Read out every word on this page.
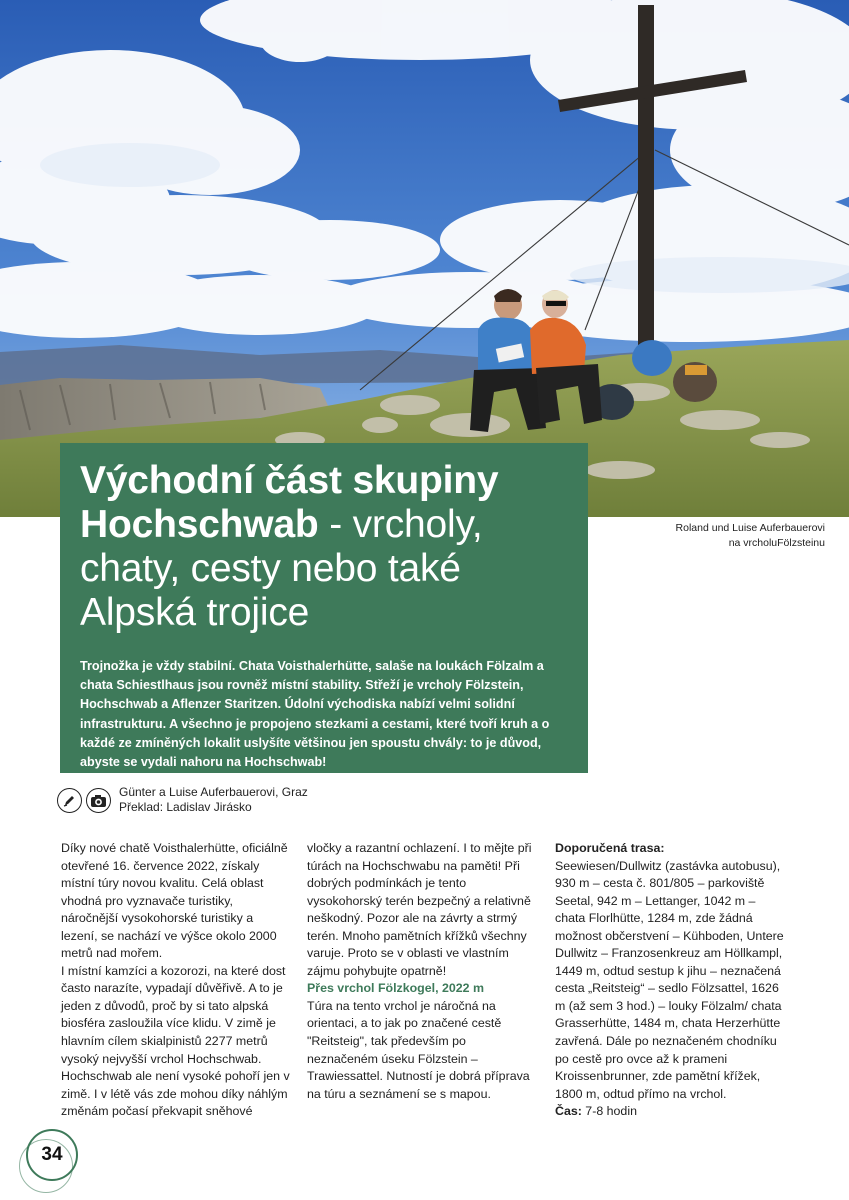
Východní část skupiny
Hochschwab - vrcholy,
chaty, cesty nebo také
Alpská trojice

Trojnožka je vždy stabilní. Chata Voisthalerhütte, salaše na loukách Fölzalm a chata Schiestlhaus jsou rovněž místní stability. Střeží je vrcholy Fölzstein, Hochschwab a Aflenzer Staritzen. Údolní východiska nabízí velmi solidní infrastrukturu. A všechno je propojeno stezkami a cestami, které tvoří kruh a o každé ze zmíněných lokalit uslyšíte většinou jen spoustu chvály: to je důvod, abyste se vydali nahoru na Hochschwab!

Roland und Luise Auferbauerovi
na vrcholuFölzsteinu
Günter a Luise Auferbauerovi, Graz
Překlad: Ladislav Jirásko

Díky nové chatě Voisthalerhütte, oficiálně otevřené 16. července 2022, získaly místní túry novou kvalitu. Celá oblast vhodná pro vyznavače turistiky, náročnější vysokohorské turistiky a lezení, se nachází ve výšce okolo 2000 metrů nad mořem.

I místní kamzíci a kozorozi, na které dost často narazíte, vypadají důvěřivě. A to je jeden z důvodů, proč by si tato alpská biosféra zasloužila více klidu. V zimě je hlavním cílem skialpinistů 2277 metrů vysoký nejvyšší vrchol Hochschwab. Hochschwab ale není vysoké pohoří jen v zimě. I v létě vás zde mohou díky náhlým změnám počasí překvapit sněhové

vločky a razantní ochlazení. I to mějte při túrách na Hochschwabu na paměti! Při dobrých podmínkách je tento vysokohorský terén bezpečný a relativně neškodný. Pozor ale na závrty a strmý terén. Mnoho pamětních křížků všechny varuje. Proto se v oblasti ve vlastním zájmu pohybujte opatrně!

Přes vrchol Fölzkogel, 2022 m

Túra na tento vrchol je náročná na orientaci, a to jak po značené cestě "Reitsteig", tak především po neznačeném úseku Fölzstein – Trawiessattel. Nutností je dobrá příprava na túru a seznámení se s mapou.

Doporučená trasa:

Seewiesen/Dullwitz (zastávka autobusu), 930 m – cesta č. 801/805 – parkoviště Seetal, 942 m – Lettanger, 1042 m – chata Florlhütte, 1284 m, zde žádná možnost občerstvení – Kühboden, Untere Dullwitz – Franzosenkreuz am Höllkampl, 1449 m, odtud sestup k jihu – neznačená cesta „Reitsteig“ – sedlo Fölzsattel, 1626 m (až sem 3 hod.) – louky Fölzalm/ chata Grasserhütte, 1484 m, chata Herzerhütte zavřená. Dále po neznačeném chodníku po cestě pro ovce až k prameni Kroissenbrunner, zde pamětní křížek, 1800 m, odtud přímo na vrchol.

Čas: 7-8 hodin

34
